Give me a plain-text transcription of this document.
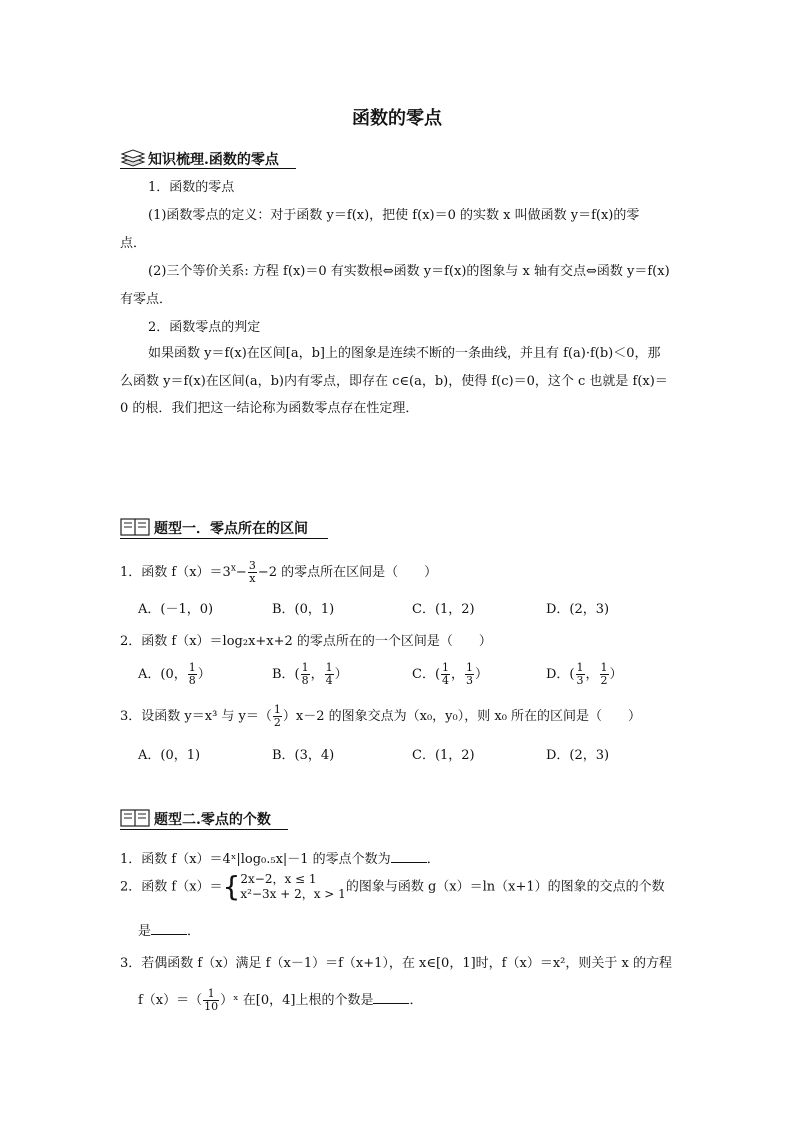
函数的零点
知识梳理.函数的零点
1．函数的零点
(1)函数零点的定义：对于函数 y＝f(x)，把使 f(x)＝0 的实数 x 叫做函数 y＝f(x)的零
点．
(2)三个等价关系: 方程 f(x)＝0 有实数根⇔函数 y＝f(x)的图象与 x 轴有交点⇔函数 y＝f(x)
有零点．
2．函数零点的判定
如果函数 y＝f(x)在区间[a，b]上的图象是连续不断的一条曲线，并且有 f(a)·f(b)＜0，那
么函数 y＝f(x)在区间(a，b)内有零点，即存在 c∈(a，b)，使得 f(c)＝0，这个 c 也就是 f(x)＝
0 的根．我们把这一结论称为函数零点存在性定理．
题型一．零点所在的区间
1．函数 $f(x)=3^x- \frac{3}{x} -2$ 的零点所在区间是（　　）
A．(－1，0)	B．(0，1)	C．(1，2)	D．(2，3)
2．函数 f（x）＝log₂x+x+2 的零点所在的一个区间是（　　）
A．(0， $\frac{1}{8}$ ）	B．( $\frac{1}{8}$ ， $\frac{1}{4}$ ）	C．( $\frac{1}{4}$ ， $\frac{1}{3}$ ）	D．( $\frac{1}{3}$ ， $\frac{1}{2}$ ）
3．设函数 y＝x³ 与 $y=( \frac{1}{2} )x-2$ 的图象交点为（x₀，y₀），则 x₀ 所在的区间是（　　）
A．(0，1)	B．(3，4)	C．(1，2)	D．(2，3)
题型二.零点的个数
1．函数 f（x）＝4ˣ|log₀.₅x|－1 的零点个数为	．
2．函数 f（x）＝{ 2x−2，x ≤ 1
x²−3x + 2，x > 1 的图象与函数 g（x）＝ln（x+1）的图象的交点的个数
是	．
3．若偶函数 f（x）满足 f（x－1）＝f（x+1），在 x∈[0，1]时，f（x）＝x²，则关于 x 的方程
$f(x)=( \frac{1}{10}$ ）ˣ 在[0，4]上根的个数是	．
